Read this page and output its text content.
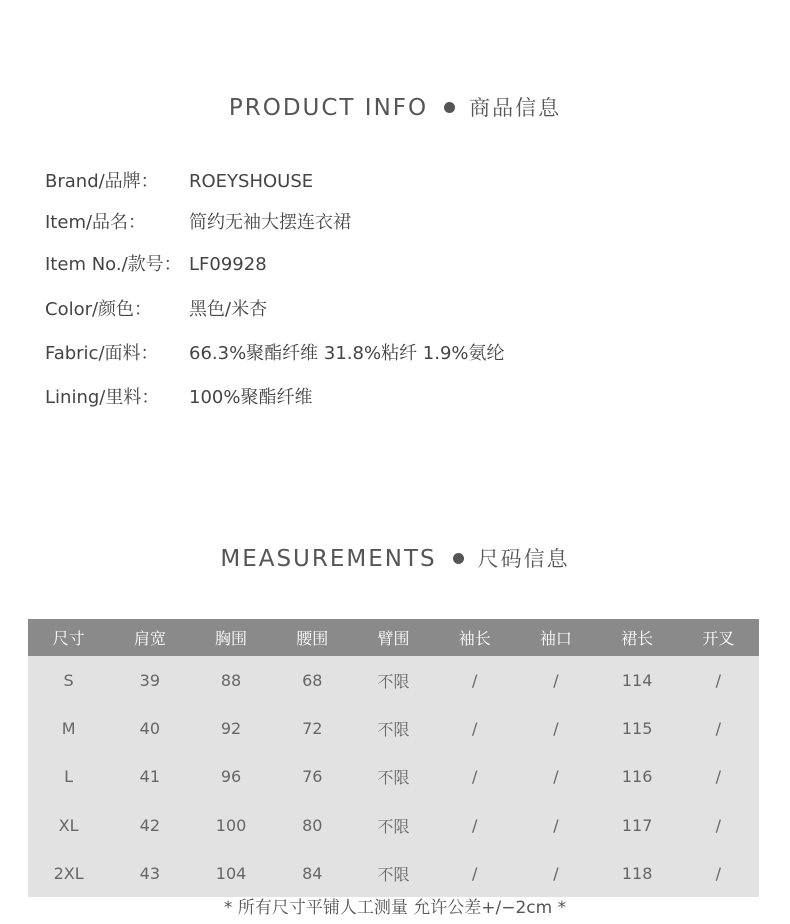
PRODUCT INFO 商品信息
Brand/品牌： ROEYSHOUSE
Item/品名： 简约无袖大摆连衣裙
Item No./款号： LF09928
Color/颜色： 黑色/米杏
Fabric/面料： 66.3%聚酯纤维 31.8%粘纤 1.9%氨纶
Lining/里料： 100%聚酯纤维
MEASUREMENTS 尺码信息
尺寸	肩宽	胸围	腰围	臂围	袖长	袖口	裙长	开叉
S	39	88	68	不限	/	/	114	/
M	40	92	72	不限	/	/	115	/
L	41	96	76	不限	/	/	116	/
XL	42	100	80	不限	/	/	117	/
2XL	43	104	84	不限	/	/	118	/
* 所有尺寸平铺人工测量 允许公差+/−2cm *
